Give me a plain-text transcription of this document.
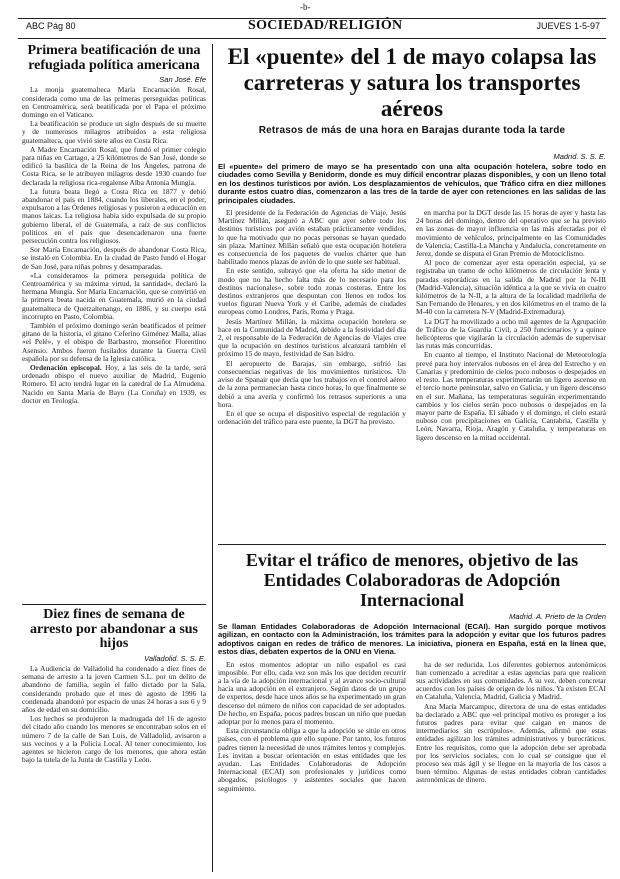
-b-
ABC Pág 80	SOCIEDAD/RELIGIÓN	JUEVES 1-5-97
Primera beatificación de una refugiada política americana
San José. Efe

La monja guatemalteca María Encarnación Rosal, considerada como una de las primeras perseguidas políticas en Centroamérica, será beatificada por el Papa el próximo domingo en el Vaticano.

La beatificación se produce un siglo después de su muerte y de numerosos milagros atribuidos a esta religiosa guatemalteca, que vivió siete años en Costa Rica.

A Madre Encarnación Rosal, que fundó el primer colegio para niñas en Cartago, a 25 kilómetros de San José, donde se edificó la basílica de la Reina de los Ángeles, patrona de Costa Rica, se le atribuyen milagros desde 1930 cuando fue declarada la religiosa rica-regalense Alba Antonia Mungía.

La futura beata llegó a Costa Rica en 1877 y debió abandonar el país en 1884, cuando los liberales, en el poder, expulsaron a las Órdenes religiosas y pusieron a educación en manos laicas. La religiosa había sido expulsada de su propio gobierno liberal, el de Guatemala, a raíz de sus conflictos políticos en el país que desencadenaron una fuerte persecución contra los religiosos.

Sor María Encarnación, después de abandonar Costa Rica, se instaló en Colombia. En la ciudad de Pasto fundó el Hogar de San José, para niñas pobres y desamparadas.

«La consideramos la primera perseguida política de Centroamérica y su máxima virtud, la santidad», declaró la hermana Mungía. Sor María Encarnación, que se convirtió en la primera beata nacida en Guatemala, murió en la ciudad guatemalteca de Quetzaltenango, en 1886, y su cuerpo está incorrupto en Pasto, Colombia.

También el próximo domingo serán beatificados el primer gitano de la historia, el gitano Ceferino Giménez Malla, alias «el Pelé», y el obispo de Barbastro, monseñor Florentino Asensio. Ambos fueron fusilados durante la Guerra Civil española por su defensa de la Iglesia católica.

Ordenación episcopal. Hoy, a las seis de la tarde, será ordenado obispo el nuevo auxiliar de Madrid, Eugenio Romero. El acto tendrá lugar en la catedral de La Almudena. Nacido en Santa María de Bayo (La Coruña) en 1939, es doctor en Teología.

Diez fines de semana de arresto por abandonar a sus hijos
Valladolid. S. S. E.

La Audiencia de Valladolid ha condenado a diez fines de semana de arresto a la joven Carmen S.L. por un delito de abandono de familia, según el fallo dictado por la Sala, considerando probado que el mes de agosto de 1996 la condenada abandonó por espacio de unas 24 horas a sus 6 y 9 años de edad en su domicilio.

Los hechos se produjeron la madrugada del 16 de agosto del citado año cuando los menores se encontraban solos en el número 7 de la calle de San Luis, de Valladolid, avisaron a sus vecinos y a la Policía Local. Al tener conocimiento, los agentes se hicieron cargo de los menores, que ahora están bajo la tutela de la Junta de Castilla y León.

El «puente» del 1 de mayo colapsa las carreteras y satura los transportes aéreos
Retrasos de más de una hora en Barajas durante toda la tarde
Madrid. S. S. E.
El «puente» del primero de mayo se ha presentado con una alta ocupación hotelera, sobre todo en ciudades como Sevilla y Benidorm, donde es muy difícil encontrar plazas disponibles, y con un lleno total en los destinos turísticos por avión. Los desplazamientos de vehículos, que Tráfico cifra en diez millones durante estos cuatro días, comenzaron a las tres de la tarde de ayer con retenciones en las salidas de las principales ciudades.

El presidente de la Federación de Agencias de Viaje, Jesús Martínez Millán, aseguró a ABC que ayer sobre todo los destinos turísticos por avión estaban prácticamente vendidos, lo que ha motivado que no pocas personas se hayan quedado sin plaza. Martínez Millán señaló que esta ocupación hotelera es consecuencia de los paquetes de vuelos chárter que han habilitado menos plazas de avión de lo que suele ser habitual.

En este sentido, subrayó que «la oferta ha sido menor de modo que no ha hecho falta más de lo necesario para los destinos nacionales», sobre todo zonas costeras. Entre los destinos extranjeros que despuntan con llenos en todos los vuelos figuran Nueva York y el Caribe, además de ciudades europeas como Londres, París, Roma y Praga.

Jesús Martínez Millán, la máxima ocupación hotelera se hace en la Comunidad de Madrid, debido a la festividad del día 2, el responsable de la Federación de Agencias de Viajes cree que la ocupación en destinos turísticos alcanzará también el próximo 15 de mayo, festividad de San Isidro.

El aeropuerto de Barajas, sin embargo, sufrió las consecuencias negativas de los movimientos turísticos. Un aviso de Spanair que decía que los trabajos en el control aéreo de la zona permanecían hasta cinco horas, lo que finalmente se debió a una avería y confirmó los retrasos superiores a una hora.

En el que se ocupa el dispositivo especial de regulación y ordenación del tráfico para este puente, la DGT ha previsto.

en marcha por la DGT desde las 15 horas de ayer y hasta las 24 horas del domingo, dentro del operativo que se ha previsto en las zonas de mayor influencia en las más afectadas por el movimiento de vehículos, principalmente en las Comunidades de Valencia, Castilla-La Mancha y Andalucía, concretamente en Jerez, donde se disputa el Gran Premio de Motociclismo.

Al poco de comenzar ayer esta operación especial, ya se registraba un tramo de ocho kilómetros de circulación lenta y paradas esporádicas en la salida de Madrid por la N-III (Madrid-Valencia), situación idéntica a la que se vivía en cuatro kilómetros de la N-II, a la altura de la localidad madrileña de San Fernando de Henares, y en dos kilómetros en el tramo de la M-40 con la carretera N-V (Madrid-Extremadura).

La DGT ha movilizado a ocho mil agentes de la Agrupación de Tráfico de la Guardia Civil, a 250 funcionarios y a quince helicópteros que vigilarán la circulación además de supervisar las rutas más concurridas.

En cuanto al tiempo, el Instituto Nacional de Meteorología prevé para hoy intervalos nubosos en el área del Estrecho y en Canarias y predominio de cielos poco nubosos o despejados en el resto. Las temperaturas experimentarán un ligero ascenso en el tercio norte peninsular, salvo en Galicia, y un ligero descenso en el sur. Mañana, las temperaturas seguirán experimentando cambios y los cielos serán poco nubosos o despejados en la mayor parte de España. El sábado y el domingo, el cielo estará nuboso con precipitaciones en Galicia, Cantabria, Castilla y León, Navarra, Rioja, Aragón y Cataluña, y temperaturas en ligero descenso en la mitad occidental.

Evitar el tráfico de menores, objetivo de las Entidades Colaboradoras de Adopción Internacional
Madrid. A. Prieto de la Orden
Se llaman Entidades Colaboradoras de Adopción Internacional (ECAI). Han surgido porque motivos agilizan, en contacto con la Administración, los trámites para la adopción y evitar que los futuros padres adoptivos caigan en redes de tráfico de menores. La iniciativa, pionera en España, está en la línea que, estos días, debaten expertos de la ONU en Viena.

En estos momentos adoptar un niño español es casi imposible. Por ello, cada vez son más los que deciden recurrir a la vía de la adopción internacional y al avance socio-cultural hacia una adopción en el extranjero. Según datos de un grupo de expertos, desde hace unos años se ha experimentado un gran descenso del número de niños con capacidad de ser adoptados. De hecho, en España, pocos padres buscan un niño que puedan adoptar por lo menos para el momento.

Esta circunstancia obliga a que la adopción se sitúe en otros países, con el problema que ello supone. Por tanto, los futuros padres tienen la necesidad de unos trámites lentos y complejos. Les invitan a buscar orientación en estas entidades que les ayudan. Las Entidades Colaboradoras de Adopción Internacional (ECAI) son profesionales y jurídicos como abogados, psicólogos y asistentes sociales que hacen seguimiento.

ha de ser reducida. Los diferentes gobiernos autonómicos han comenzado a acreditar a estas agencias para que realicen sus actividades en sus comunidades. A su vez, deben concretar acuerdos con los países de origen de los niños. Ya existen ECAI en Cataluña, Valencia, Madrid, Galicia y Madrid.

Ana María Marcampuc, directora de una de estas entidades ha declarado a ABC que «el principal motivo es proteger a los futuros padres para evitar que caigan en manos de intermediarios sin escrúpulos». Además, afirmó que estas entidades agilizan los trámites administrativos y burocráticos. Entre los requisitos, como que la adopción debe ser aprobada por los servicios sociales, con lo cual se consigue que el proceso sea más ágil y se llegue en la mayoría de los casos a buen término. Algunas de estas entidades cobran cantidades astronómicas de dinero.
